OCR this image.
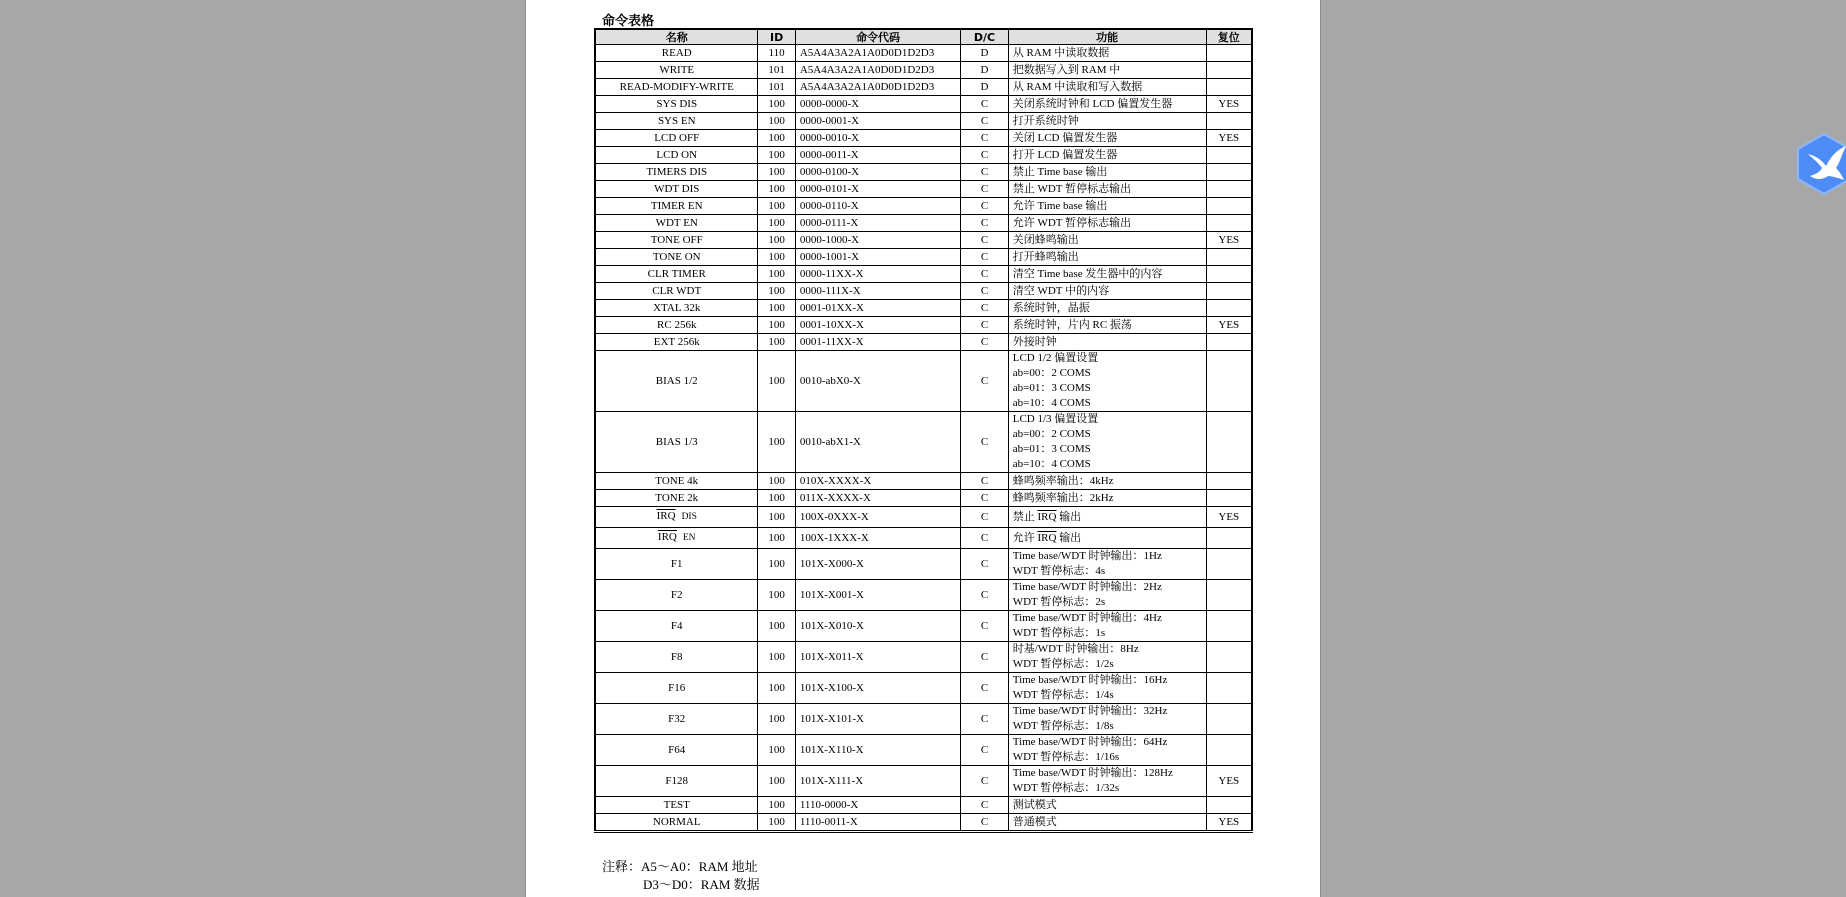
命令表格
名称	ID	命令代码	D/C	功能	复位
READ	110	A5A4A3A2A1A0D0D1D2D3	D	从 RAM 中读取数据	

WRITE	101	A5A4A3A2A1A0D0D1D2D3	D	把数据写入到 RAM 中	

READ-MODIFY-WRITE	101	A5A4A3A2A1A0D0D1D2D3	D	从 RAM 中读取和写入数据	

SYS DIS	100	0000-0000-X	C	关闭系统时钟和 LCD 偏置发生器	YES
SYS EN	100	0000-0001-X	C	打开系统时钟	

LCD OFF	100	0000-0010-X	C	关闭 LCD 偏置发生器	YES
LCD ON	100	0000-0011-X	C	打开 LCD 偏置发生器	

TIMERS DIS	100	0000-0100-X	C	禁止 Time base 输出	

WDT DIS	100	0000-0101-X	C	禁止 WDT 暂停标志输出	

TIMER EN	100	0000-0110-X	C	允许 Time base 输出	

WDT EN	100	0000-0111-X	C	允许 WDT 暂停标志输出	

TONE OFF	100	0000-1000-X	C	关闭蜂鸣输出	YES
TONE ON	100	0000-1001-X	C	打开蜂鸣输出	

CLR TIMER	100	0000-11XX-X	C	清空 Time base 发生器中的内容	

CLR WDT	100	0000-111X-X	C	清空 WDT 中的内容	

XTAL 32k	100	0001-01XX-X	C	系统时钟，晶振	

RC 256k	100	0001-10XX-X	C	系统时钟，片内 RC 振荡	YES
EXT 256k	100	0001-11XX-X	C	外接时钟	

BIAS 1/2	100	0010-abX0-X	C	LCD 1/2 偏置设置
ab=00：2 COMS
ab=01：3 COMS
ab=10：4 COMS	

BIAS 1/3	100	0010-abX1-X	C	LCD 1/3 偏置设置
ab=00：2 COMS
ab=01：3 COMS
ab=10：4 COMS	

TONE 4k	100	010X-XXXX-X	C	蜂鸣频率输出：4kHz	

TONE 2k	100	011X-XXXX-X	C	蜂鸣频率输出：2kHz	

$\overline{IRQ}$ DIS	100	100X-0XXX-X	C	禁止 $\overline{IRQ}$ 输出	YES
$\overline{IRQ}$ EN	100	100X-1XXX-X	C	允许 $\overline{IRQ}$ 输出	
F1	100	101X-X000-X	C	Time base/WDT 时钟输出：1Hz
WDT 暂停标志：4s	

F2	100	101X-X001-X	C	Time base/WDT 时钟输出：2Hz
WDT 暂停标志：2s	

F4	100	101X-X010-X	C	Time base/WDT 时钟输出：4Hz
WDT 暂停标志：1s	

F8	100	101X-X011-X	C	时基/WDT 时钟输出：8Hz
WDT 暂停标志：1/2s	

F16	100	101X-X100-X	C	Time base/WDT 时钟输出：16Hz
WDT 暂停标志：1/4s	

F32	100	101X-X101-X	C	Time base/WDT 时钟输出：32Hz
WDT 暂停标志：1/8s	

F64	100	101X-X110-X	C	Time base/WDT 时钟输出：64Hz
WDT 暂停标志：1/16s	

F128	100	101X-X111-X	C	Time base/WDT 时钟输出：128Hz
WDT 暂停标志：1/32s	YES
TEST	100	1110-0000-X	C	测试模式	

NORMAL	100	1110-0011-X	C	普通模式	YES
注释：A5～A0：RAM 地址

D3～D0：RAM 数据
